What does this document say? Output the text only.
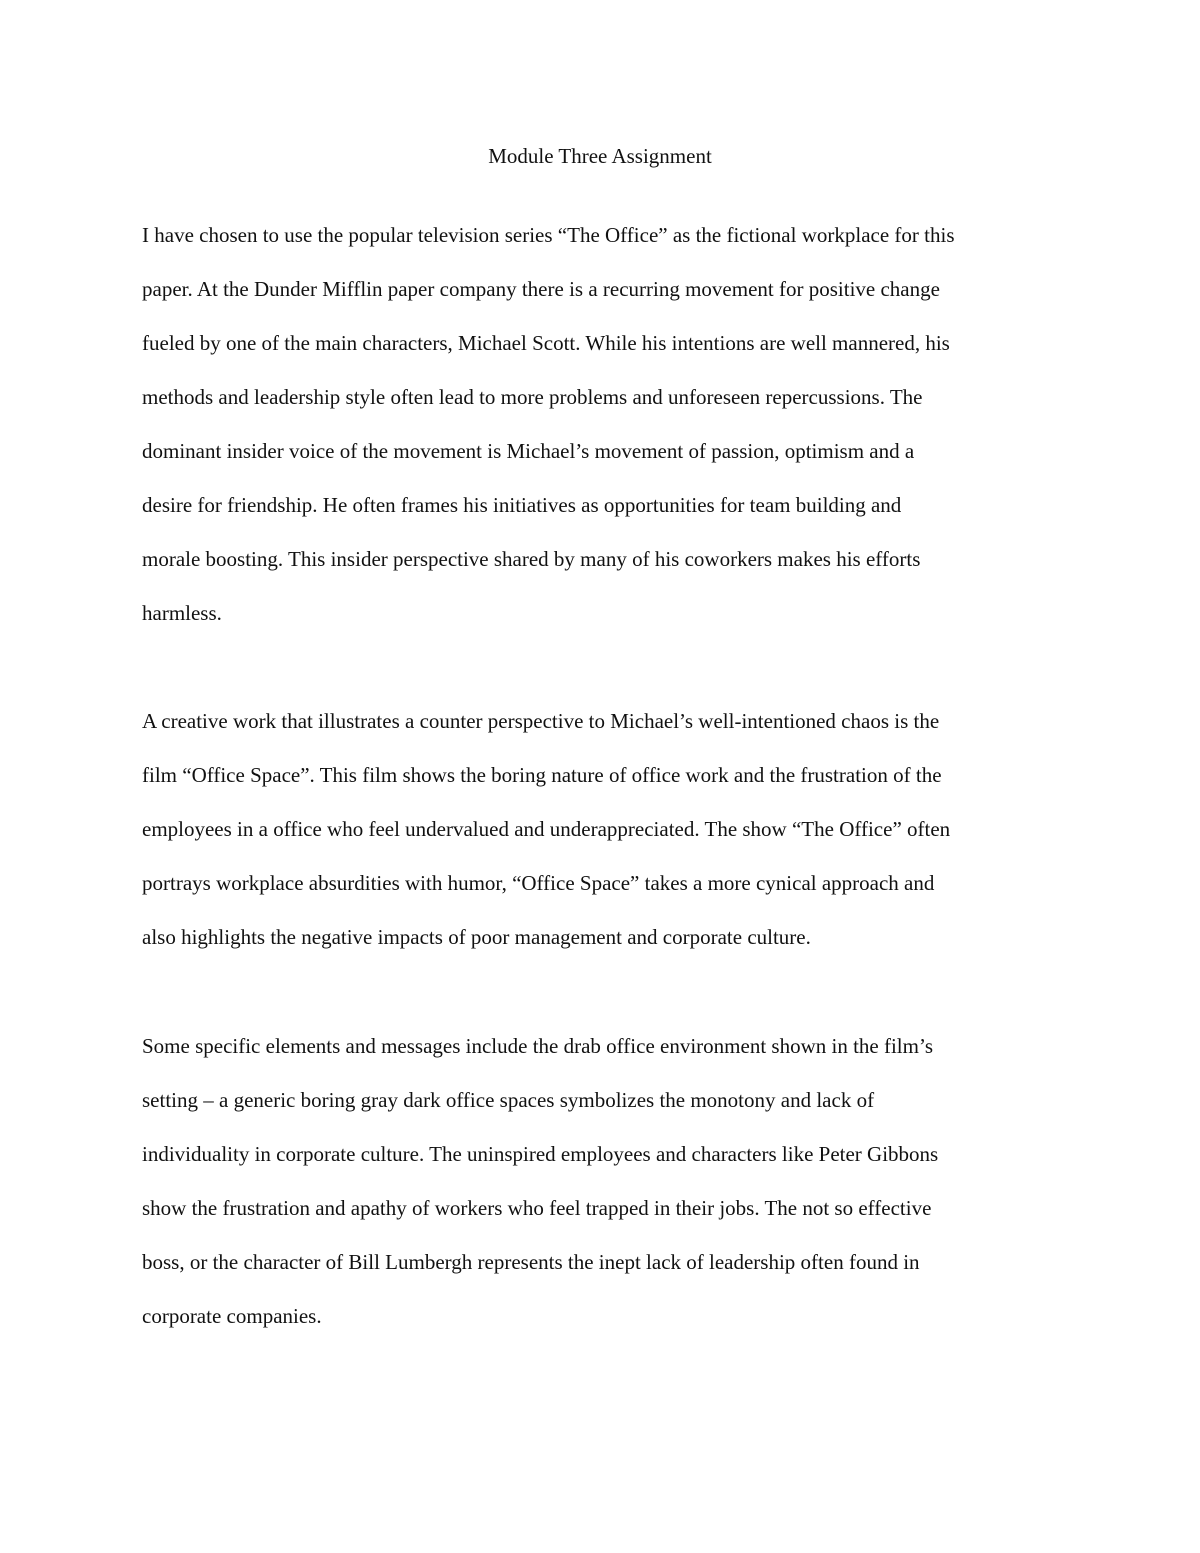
Module Three Assignment
I have chosen to use the popular television series “The Office” as the fictional workplace for this
paper. At the Dunder Mifflin paper company there is a recurring movement for positive change
fueled by one of the main characters, Michael Scott. While his intentions are well mannered, his
methods and leadership style often lead to more problems and unforeseen repercussions. The
dominant insider voice of the movement is Michael’s movement of passion, optimism and a
desire for friendship. He often frames his initiatives as opportunities for team building and
morale boosting. This insider perspective shared by many of his coworkers makes his efforts
harmless.
A creative work that illustrates a counter perspective to Michael’s well-intentioned chaos is the
film “Office Space”. This film shows the boring nature of office work and the frustration of the
employees in a office who feel undervalued and underappreciated. The show “The Office” often
portrays workplace absurdities with humor, “Office Space” takes a more cynical approach and
also highlights the negative impacts of poor management and corporate culture.
Some specific elements and messages include the drab office environment shown in the film’s
setting – a generic boring gray dark office spaces symbolizes the monotony and lack of
individuality in corporate culture. The uninspired employees and characters like Peter Gibbons
show the frustration and apathy of workers who feel trapped in their jobs. The not so effective
boss, or the character of Bill Lumbergh represents the inept lack of leadership often found in
corporate companies.
